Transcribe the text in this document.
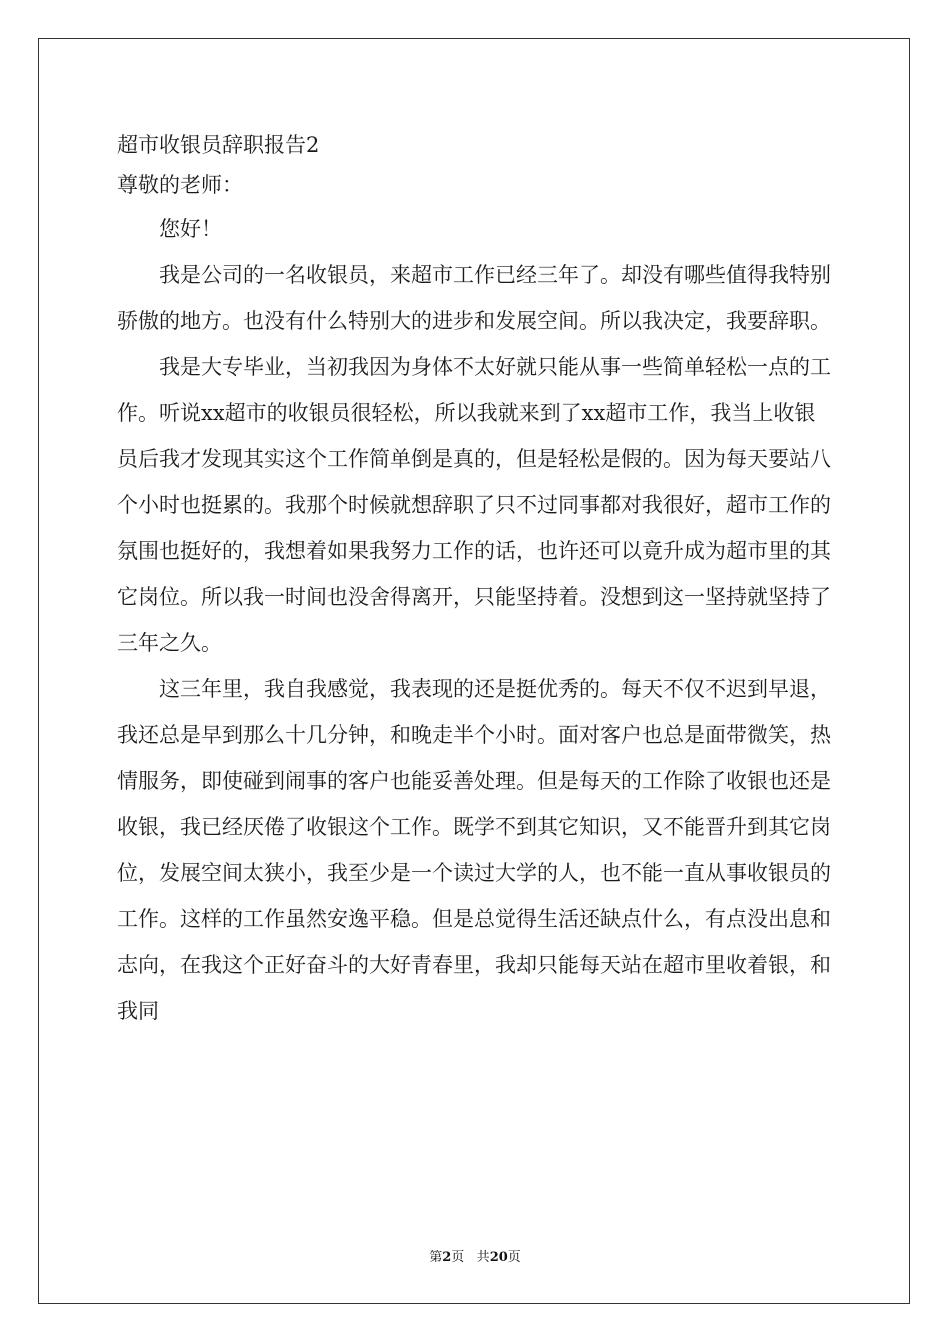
超市收银员辞职报告2
尊敬的老师：

您好！

我是公司的一名收银员，来超市工作已经三年了。却没有哪些值得我特别骄傲的地方。也没有什么特别大的进步和发展空间。所以我决定，我要辞职。

我是大专毕业，当初我因为身体不太好就只能从事一些简单轻松一点的工作。听说xx超市的收银员很轻松，所以我就来到了xx超市工作，我当上收银员后我才发现其实这个工作简单倒是真的，但是轻松是假的。因为每天要站八个小时也挺累的。我那个时候就想辞职了只不过同事都对我很好，超市工作的氛围也挺好的，我想着如果我努力工作的话，也许还可以竟升成为超市里的其它岗位。所以我一时间也没舍得离开，只能坚持着。没想到这一坚持就坚持了三年之久。

这三年里，我自我感觉，我表现的还是挺优秀的。每天不仅不迟到早退，我还总是早到那么十几分钟，和晚走半个小时。面对客户也总是面带微笑，热情服务，即使碰到闹事的客户也能妥善处理。但是每天的工作除了收银也还是收银，我已经厌倦了收银这个工作。既学不到其它知识，又不能晋升到其它岗位，发展空间太狭小，我至少是一个读过大学的人，也不能一直从事收银员的工作。这样的工作虽然安逸平稳。但是总觉得生活还缺点什么，有点没出息和志向，在我这个正好奋斗的大好青春里，我却只能每天站在超市里收着银，和我同

第2页 共20页
